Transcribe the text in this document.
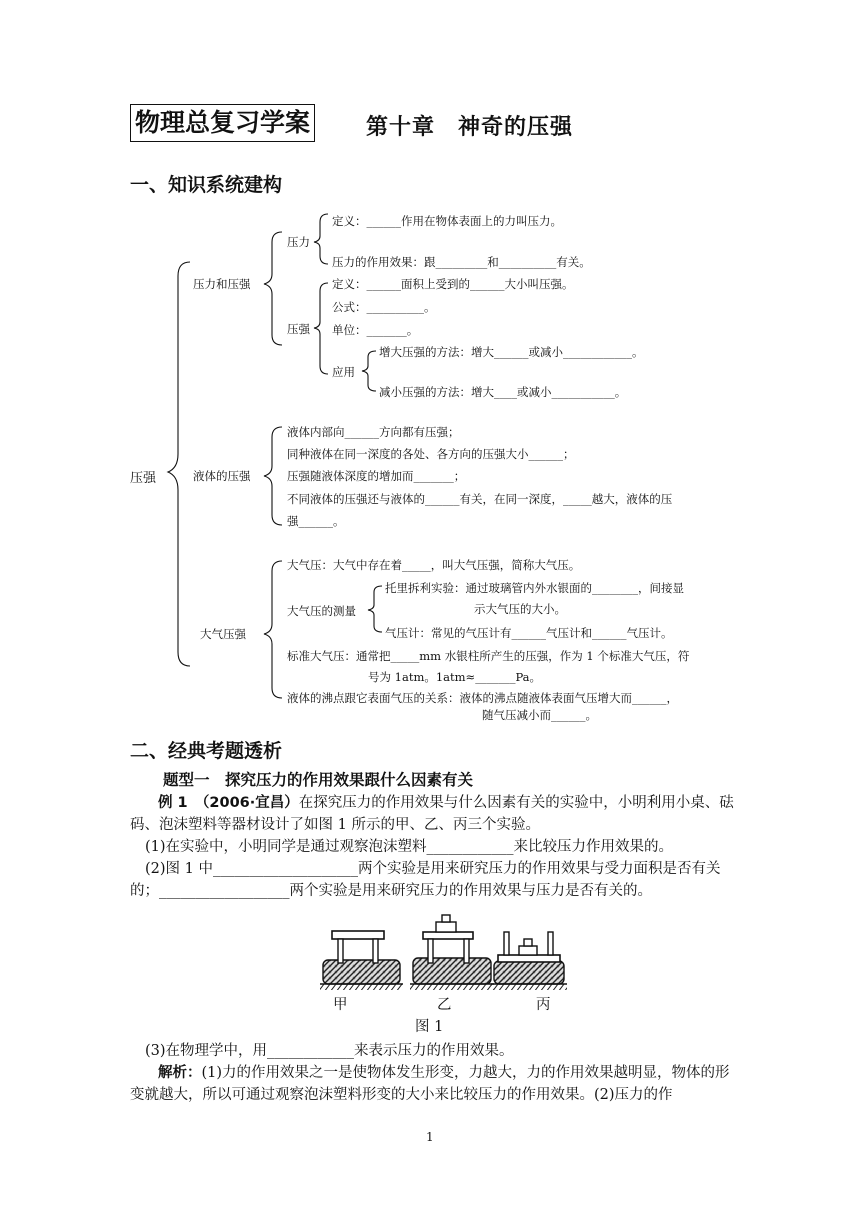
物理总复习学案	第十章　神奇的压强
一、知识系统建构
压强
压力和压强
压力
定义：______作用在物体表面上的力叫压力。
压力的作用效果：跟_________和__________有关。
压强
定义：______面积上受到的______大小叫压强。
公式：__________。
单位：_______。
应用
增大压强的方法：增大______或减小____________。
减小压强的方法：增大____或减小___________。
液体的压强
液体内部向______方向都有压强；
同种液体在同一深度的各处、各方向的压强大小______；
压强随液体深度的增加而_______；
不同液体的压强还与液体的______有关，在同一深度，_____越大，液体的压
强______。
大气压强
大气压：大气中存在着_____，叫大气压强，简称大气压。
大气压的测量
托里拆利实验：通过玻璃管内外水银面的________，间接显
示大气压的大小。
气压计：常见的气压计有______气压计和______气压计。
标准大气压：通常把_____mm 水银柱所产生的压强，作为 1 个标准大气压，符
号为 1atm。1atm≈_______Pa。
液体的沸点跟它表面气压的关系：液体的沸点随液体表面气压增大而______，
随气压减小而______。
二、经典考题透析
题型一　探究压力的作用效果跟什么因素有关
例 1　（2006·宜昌）在探究压力的作用效果与什么因素有关的实验中，小明利用小桌、砝码、泡沫塑料等器材设计了如图 1 所示的甲、乙、丙三个实验。
(1)在实验中，小明同学是通过观察泡沫塑料____________来比较压力作用效果的。
(2)图 1 中____________________两个实验是用来研究压力的作用效果与受力面积是否有关的；__________________两个实验是用来研究压力的作用效果与压力是否有关的。
甲	乙	丙
图 1
(3)在物理学中，用____________来表示压力的作用效果。
解析：(1)力的作用效果之一是使物体发生形变，力越大，力的作用效果越明显，物体的形变就越大，所以可通过观察泡沫塑料形变的大小来比较压力的作用效果。(2)压力的作
1
